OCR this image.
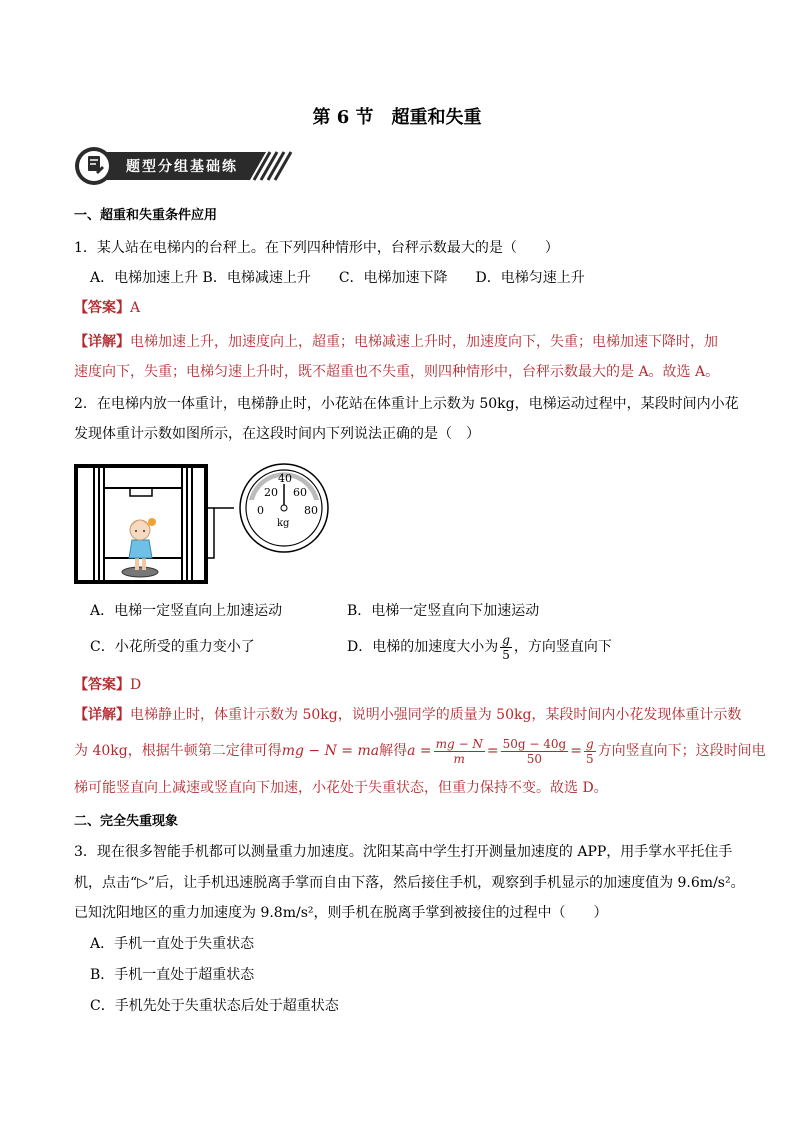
第 6 节　超重和失重
题型分组基础练
一、超重和失重条件应用
1．某人站在电梯内的台秤上。在下列四种情形中，台秤示数最大的是（　　）
A．电梯加速上升 B．电梯减速上升　　C．电梯加速下降　　D．电梯匀速上升
【答案】A
【详解】电梯加速上升，加速度向上，超重；电梯减速上升时，加速度向下，失重；电梯加速下降时，加
速度向下，失重；电梯匀速上升时，既不超重也不失重，则四种情形中，台秤示数最大的是 A。故选 A。
2．在电梯内放一体重计，电梯静止时，小花站在体重计上示数为 50kg，电梯运动过程中，某段时间内小花
发现体重计示数如图所示，在这段时间内下列说法正确的是（　）
20
40
60
0	80
kg
A．电梯一定竖直向上加速运动	B．电梯一定竖直向下加速运动
C．小花所受的重力变小了	D．电梯的加速度大小为 $\frac{g}{5}$ ，方向竖直向下
【答案】D
【详解】电梯静止时，体重计示数为 50kg，说明小强同学的质量为 50kg，某段时间内小花发现体重计示数
为 40kg，根据牛顿第二定律可得mg − N = ma解得$a = \frac{mg - N}{m} = \frac{50g - 40g}{50} = \frac{g}{5}$ 方向竖直向下；这段时间电
梯可能竖直向上减速或竖直向下加速，小花处于失重状态，但重力保持不变。故选 D。
二、完全失重现象
3．现在很多智能手机都可以测量重力加速度。沈阳某高中学生打开测量加速度的 APP，用手掌水平托住手
机，点击“▷”后，让手机迅速脱离手掌而自由下落，然后接住手机，观察到手机显示的加速度值为 9.6m/s²。
已知沈阳地区的重力加速度为 9.8m/s²，则手机在脱离手掌到被接住的过程中（　　）
A．手机一直处于失重状态
B．手机一直处于超重状态
C．手机先处于失重状态后处于超重状态
